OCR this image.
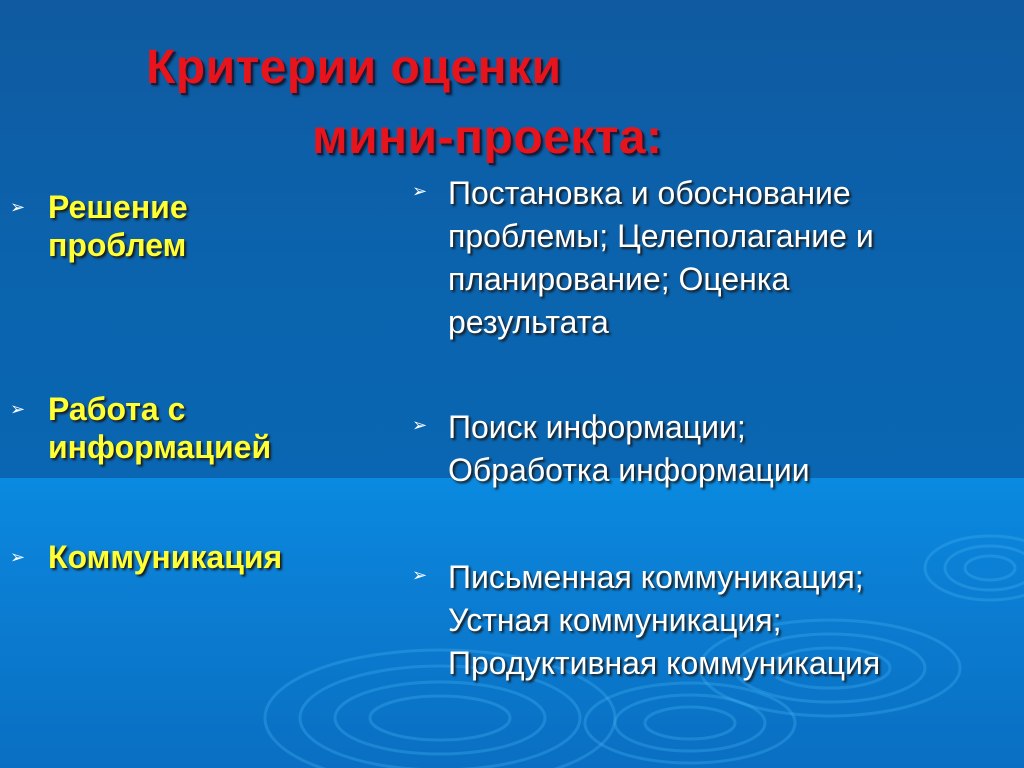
Критерии оценки
мини-проекта:
➢ Решение
проблем
➢ Работа с
информацией
➢ Коммуникация
➢ Постановка и обоснование
проблемы; Целеполагание и
планирование; Оценка
результата
➢ Поиск информации;
Обработка информации
➢ Письменная коммуникация;
Устная коммуникация;
Продуктивная коммуникация
